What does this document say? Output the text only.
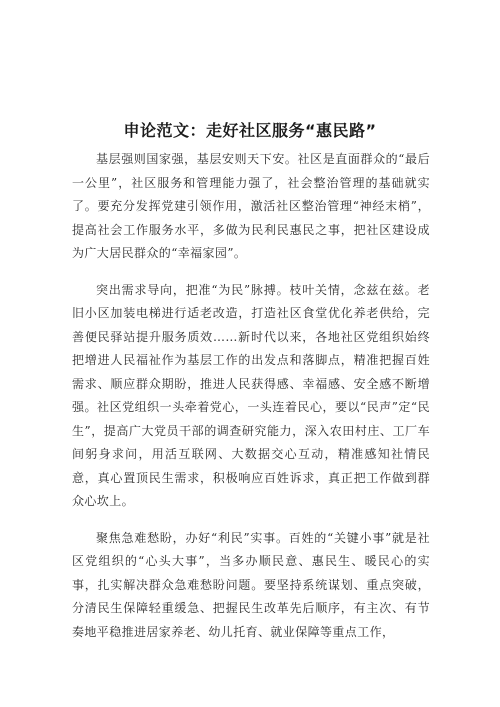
申论范文：走好社区服务“惠民路”

基层强则国家强，基层安则天下安。社区是直面群众的“最后一公里”，社区服务和管理能力强了，社会整治管理的基础就实了。要充分发挥党建引领作用，激活社区整治管理“神经末梢”，提高社会工作服务水平，多做为民利民惠民之事，把社区建设成为广大居民群众的“幸福家园”。

突出需求导向，把准“为民”脉搏。枝叶关情，念兹在兹。老旧小区加装电梯进行适老改造，打造社区食堂优化养老供给，完善便民驿站提升服务质效……新时代以来，各地社区党组织始终把增进人民福祉作为基层工作的出发点和落脚点，精准把握百姓需求、顺应群众期盼，推进人民获得感、幸福感、安全感不断增强。社区党组织一头牵着党心，一头连着民心，要以“民声”定“民生”，提高广大党员干部的调查研究能力，深入农田村庄、工厂车间躬身求问，用活互联网、大数据交心互动，精准感知社情民意，真心置顶民生需求，积极响应百姓诉求，真正把工作做到群众心坎上。

聚焦急难愁盼，办好“利民”实事。百姓的“关键小事”就是社区党组织的“心头大事”，当多办顺民意、惠民生、暖民心的实事，扎实解决群众急难愁盼问题。要坚持系统谋划、重点突破，分清民生保障轻重缓急、把握民生改革先后顺序，有主次、有节奏地平稳推进居家养老、幼儿托育、就业保障等重点工作，
